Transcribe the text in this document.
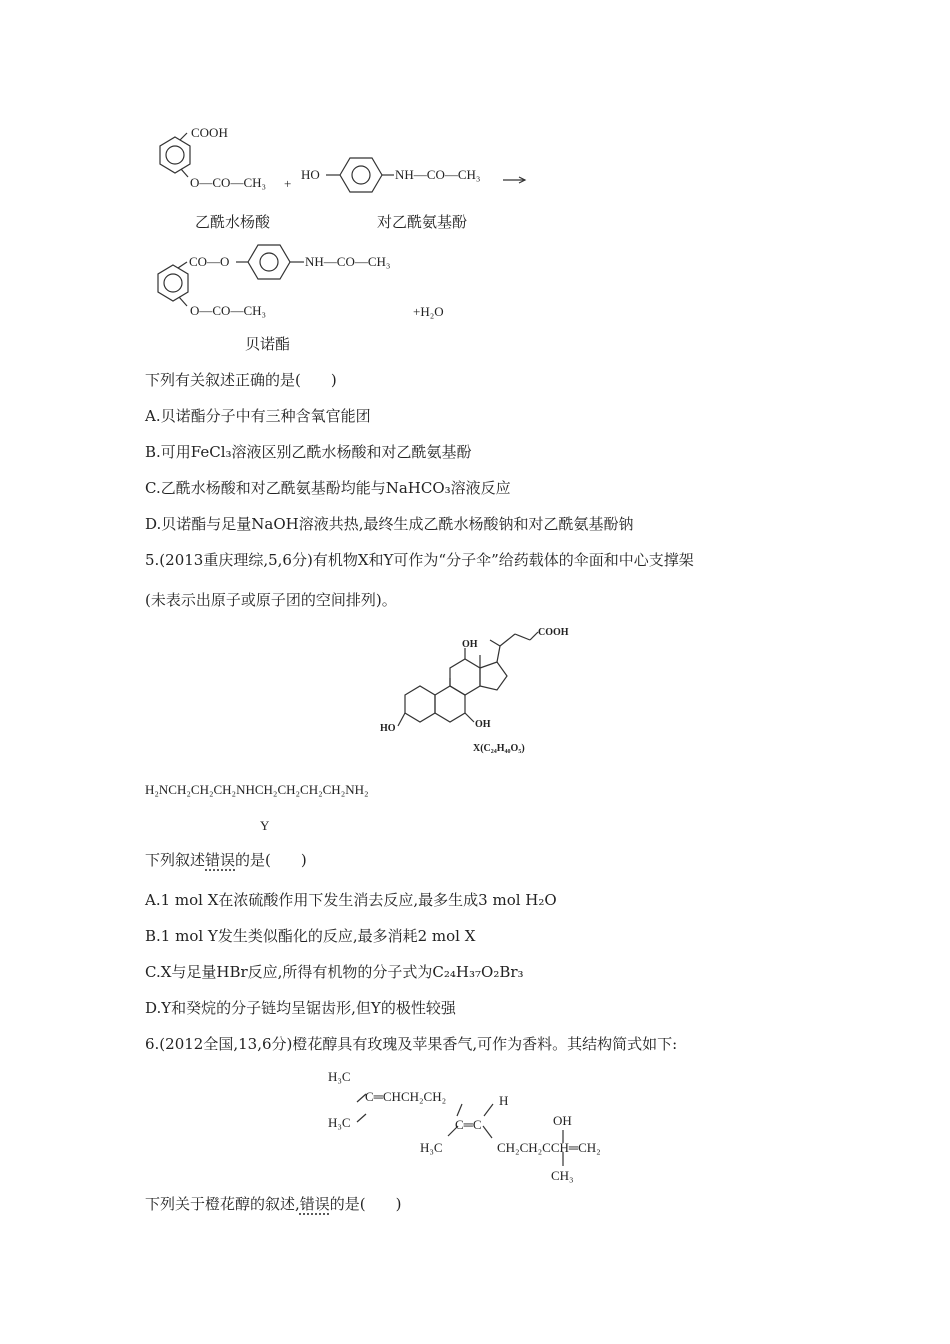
COOH
O—CO—CH₃ +
HO	NH—CO—CH₃
乙酰水杨酸	对乙酰氨基酚
CO—O	NH—CO—CH₃
O—CO—CH₃	+H₂O
贝诺酯
下列有关叙述正确的是(　　)
A.贝诺酯分子中有三种含氧官能团
B.可用FeCl₃溶液区别乙酰水杨酸和对乙酰氨基酚
C.乙酰水杨酸和对乙酰氨基酚均能与NaHCO₃溶液反应
D.贝诺酯与足量NaOH溶液共热,最终生成乙酰水杨酸钠和对乙酰氨基酚钠
5.(2013重庆理综,5,6分)有机物X和Y可作为“分子伞”给药载体的伞面和中心支撑架
(未表示出原子或原子团的空间排列)。
OH
COOH
HO	OH
X(C₂₄H₄₀O₅)
H₂NCH₂CH₂CH₂NHCH₂CH₂CH₂CH₂NH₂
Y
下列叙述错误的是(　　)
A.1 mol X在浓硫酸作用下发生消去反应,最多生成3 mol H₂O
B.1 mol Y发生类似酯化的反应,最多消耗2 mol X
C.X与足量HBr反应,所得有机物的分子式为C₂₄H₃₇O₂Br₃
D.Y和癸烷的分子链均呈锯齿形,但Y的极性较强
6.(2012全国,13,6分)橙花醇具有玫瑰及苹果香气,可作为香料。其结构简式如下:
H₃C
C═CHCH₂CH₂	H
H₃C	C═C	OH
H₃C	CH₂CH₂CCH═CH₂
CH₃
下列关于橙花醇的叙述,错误的是(　　)
